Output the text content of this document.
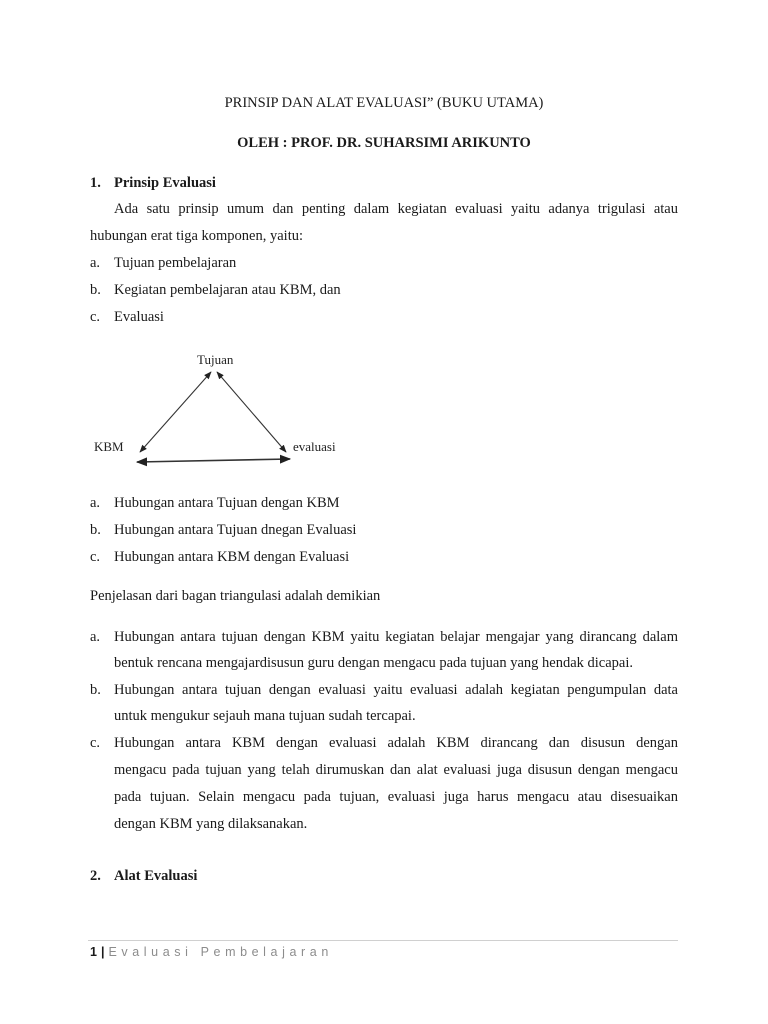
PRINSIP DAN ALAT EVALUASI” (BUKU UTAMA)
OLEH : PROF. DR. SUHARSIMI ARIKUNTO
1. Prinsip Evaluasi
Ada satu prinsip umum dan penting dalam kegiatan evaluasi yaitu adanya trigulasi atau
hubungan erat tiga komponen, yaitu:
a. Tujuan pembelajaran
b. Kegiatan pembelajaran atau KBM, dan
c. Evaluasi
Tujuan
KBM	evaluasi
a. Hubungan antara Tujuan dengan KBM
b. Hubungan antara Tujuan dnegan Evaluasi
c. Hubungan antara KBM dengan Evaluasi
Penjelasan dari bagan triangulasi adalah demikian
a. Hubungan antara tujuan dengan KBM yaitu kegiatan belajar mengajar yang dirancang dalam
bentuk rencana mengajardisusun guru dengan mengacu pada tujuan yang hendak dicapai.
b. Hubungan antara tujuan dengan evaluasi yaitu evaluasi adalah kegiatan pengumpulan data
untuk mengukur sejauh mana tujuan sudah tercapai.
c. Hubungan antara KBM dengan evaluasi adalah KBM dirancang dan disusun dengan
mengacu pada tujuan yang telah dirumuskan dan alat evaluasi juga disusun dengan mengacu
pada tujuan. Selain mengacu pada tujuan, evaluasi juga harus mengacu atau disesuaikan
dengan KBM yang dilaksanakan.
2. Alat Evaluasi
1 | Evaluasi Pembelajaran
